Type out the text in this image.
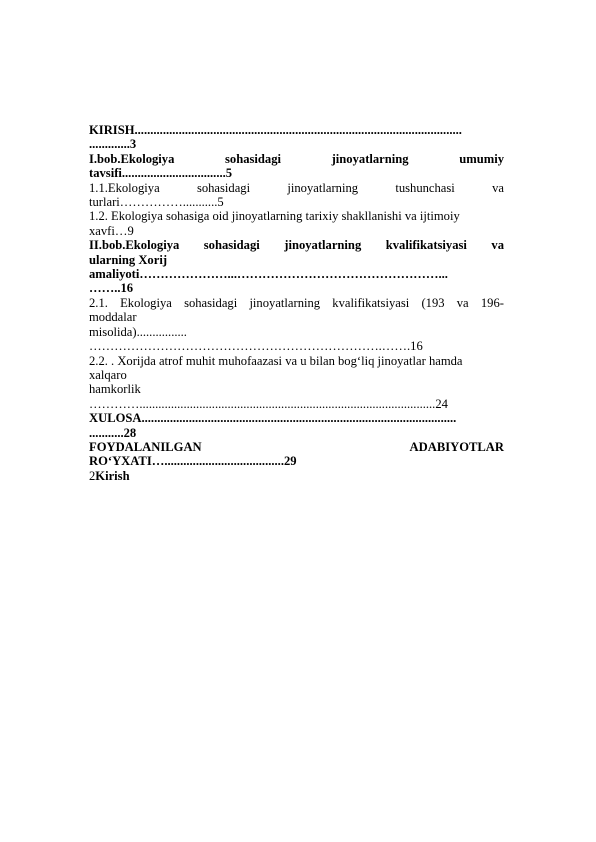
KIRISH........................................................................................................
.............3
I.bob.Ekologiya	sohasidagi	jinoyatlarning	umumiy
tavsifi.................................5
1.1.Ekologiya	sohasidagi	jinoyatlarning	tushunchasi	va
turlari……………...........5
1.2. Ekologiya sohasiga oid jinoyatlarning tarixiy shakllanishi va ijtimoiy
xavfi…9
II.bob.Ekologiya sohasidagi jinoyatlarning kvalifikatsiyasi va
ularning Xorij
amaliyoti…………………...…………………………………………...
……..16
2.1. Ekologiya sohasidagi jinoyatlarning kvalifikatsiyasi (193 va 196-
moddalar
misolida)................
…………………………………………………………….…….16
2.2. . Xorijda atrof muhit muhofaazasi va u bilan bog‘liq jinoyatlar hamda
xalqaro
hamkorlik
…………..............................................................................................24
XULOSA....................................................................................................
...........28
FOYDALANILGAN	ADABIYOTLAR
RO‘YXATI…......................................29
2Kirish
